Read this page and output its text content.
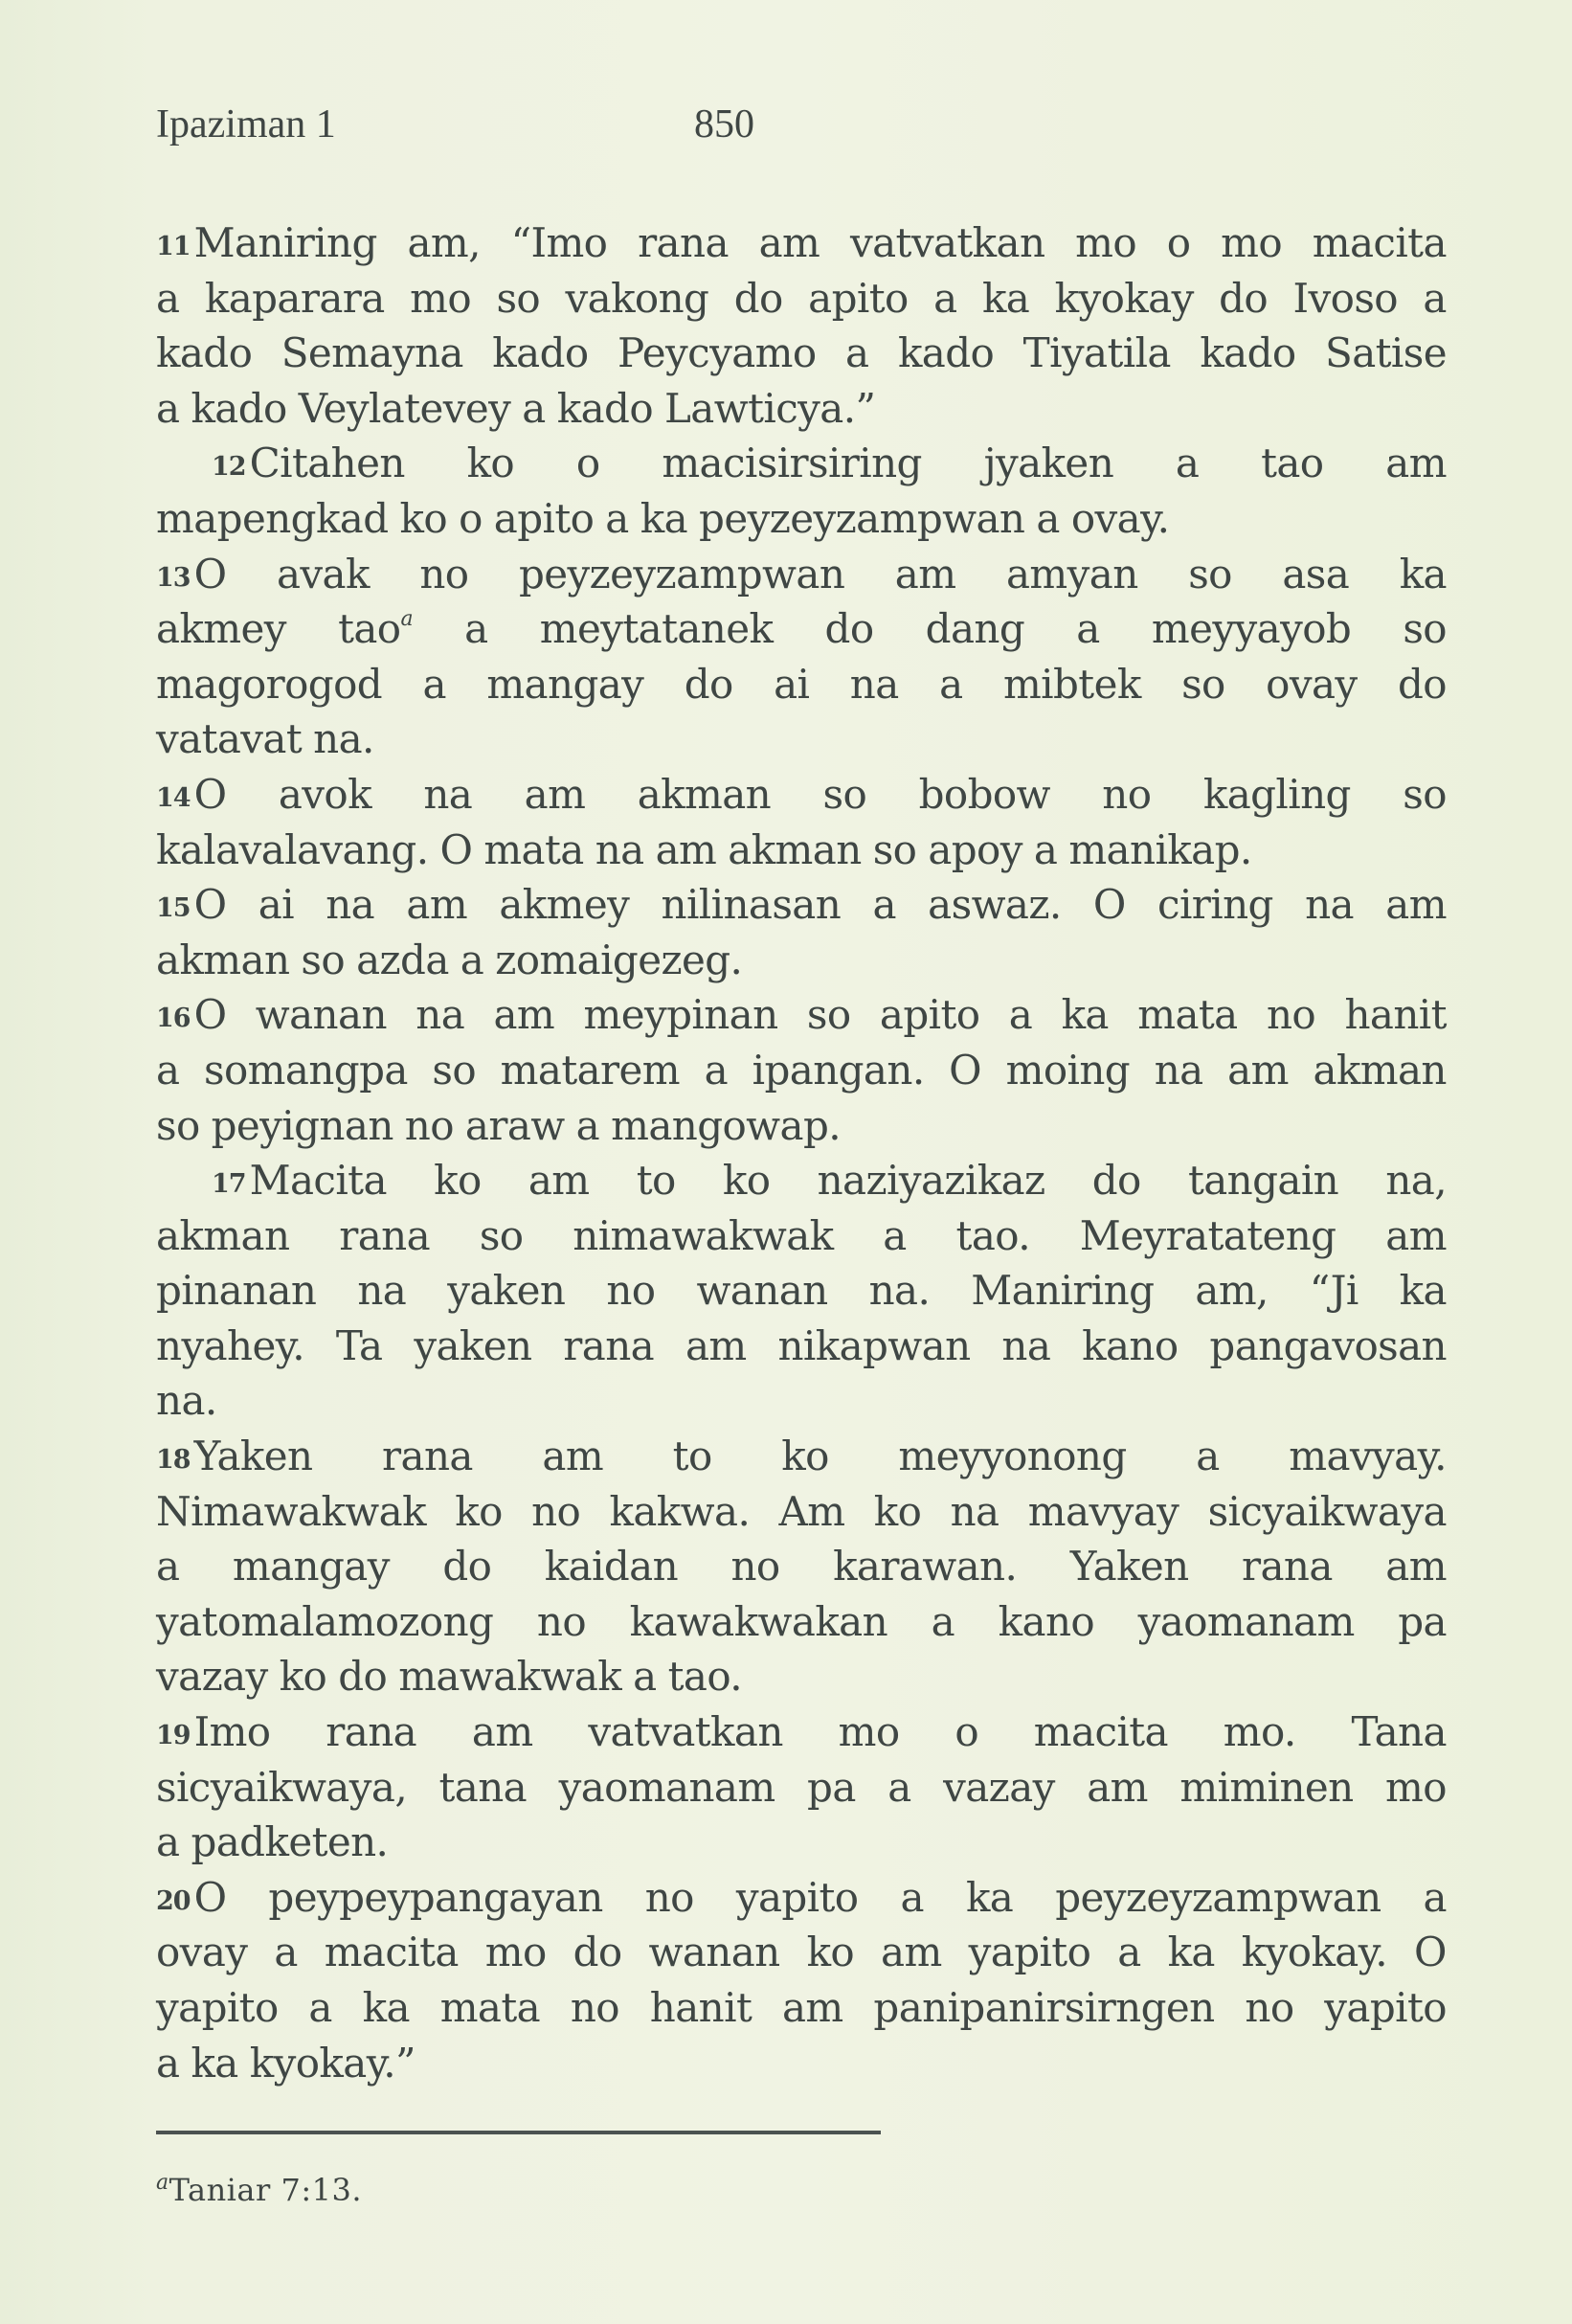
Ipaziman 1	850
11Maniring am, “Imo rana am vatvatkan mo o mo macita
a kaparara mo so vakong do apito a ka kyokay do Ivoso a
kado Semayna kado Peycyamo a kado Tiyatila kado Satise
a kado Veylatevey a kado Lawticya.”
12Citahen ko o macisirsiring jyaken a tao am
mapengkad ko o apito a ka peyzeyzampwan a ovay.
13O avak no peyzeyzampwan am amyan so asa ka
akmey tao$^a$ a meytatanek do dang a meyyayob so
magorogod a mangay do ai na a mibtek so ovay do
vatavat na.
14O avok na am akman so bobow no kagling so
kalavalavang. O mata na am akman so apoy a manikap.
15O ai na am akmey nilinasan a aswaz. O ciring na am
akman so azda a zomaigezeg.
16O wanan na am meypinan so apito a ka mata no hanit
a somangpa so matarem a ipangan. O moing na am akman
so peyignan no araw a mangowap.
17Macita ko am to ko naziyazikaz do tangain na,
akman rana so nimawakwak a tao. Meyratateng am
pinanan na yaken no wanan na. Maniring am, “Ji ka
nyahey. Ta yaken rana am nikapwan na kano pangavosan
na.
18Yaken rana am to ko meyyonong a mavyay.
Nimawakwak ko no kakwa. Am ko na mavyay sicyaikwaya
a mangay do kaidan no karawan. Yaken rana am
yatomalamozong no kawakwakan a kano yaomanam pa
vazay ko do mawakwak a tao.
19Imo rana am vatvatkan mo o macita mo. Tana
sicyaikwaya, tana yaomanam pa a vazay am miminen mo
a padketen.
20O peypeypangayan no yapito a ka peyzeyzampwan a
ovay a macita mo do wanan ko am yapito a ka kyokay. O
yapito a ka mata no hanit am panipanirsirngen no yapito
a ka kyokay.”
$^a$Taniar 7:13.
